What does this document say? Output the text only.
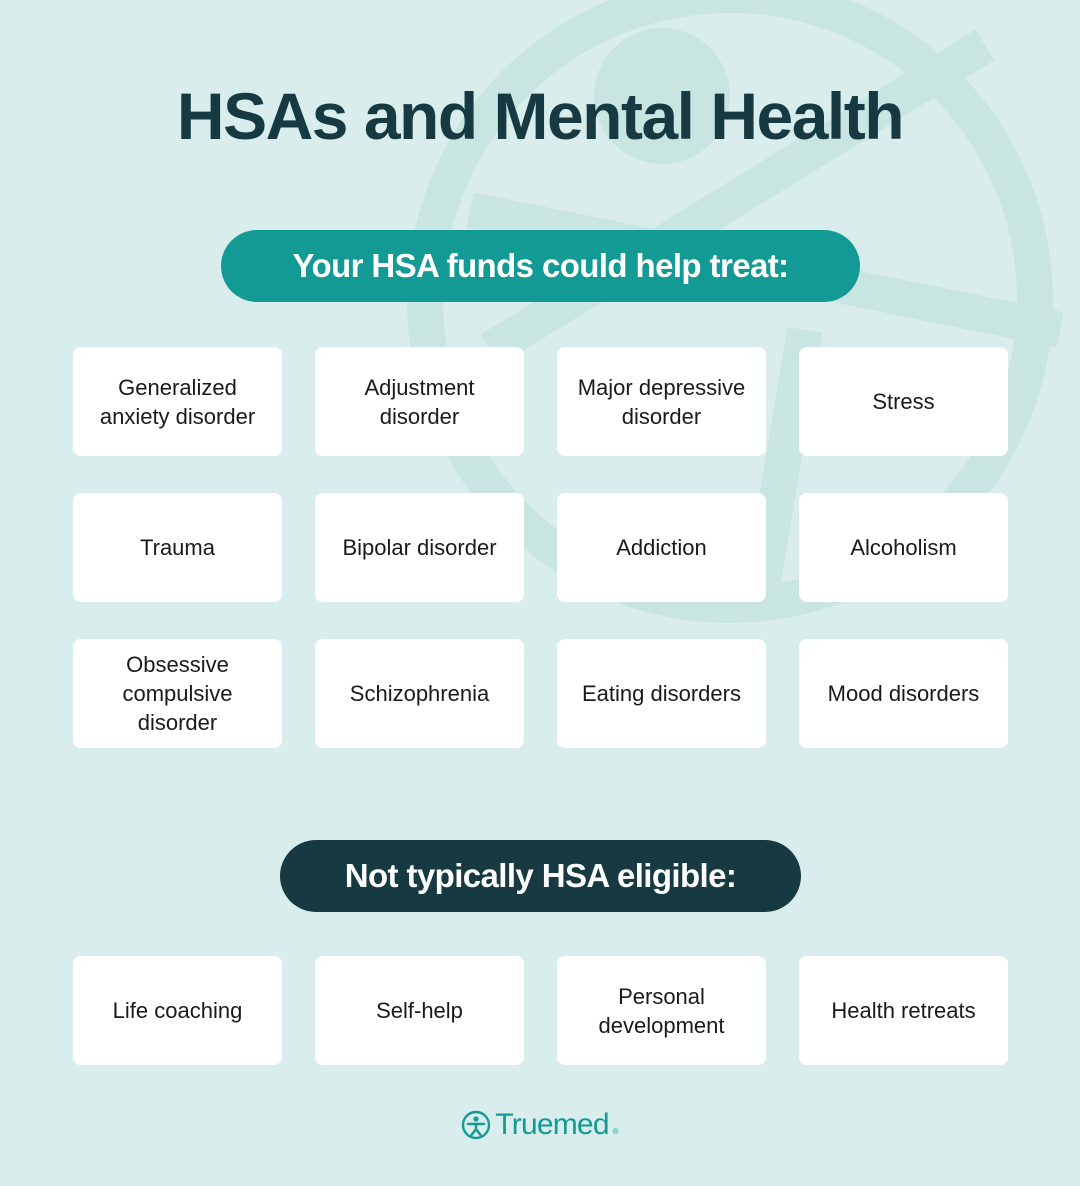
HSAs and Mental Health
Your HSA funds could help treat:
Generalized anxiety disorder
Adjustment disorder
Major depressive disorder
Stress
Trauma	Bipolar disorder	Addiction	Alcoholism
Obsessive compulsive disorder
Schizophrenia	Eating disorders	Mood disorders
Not typically HSA eligible:
Life coaching	Self-help
Personal development
Health retreats
Truemed ®
